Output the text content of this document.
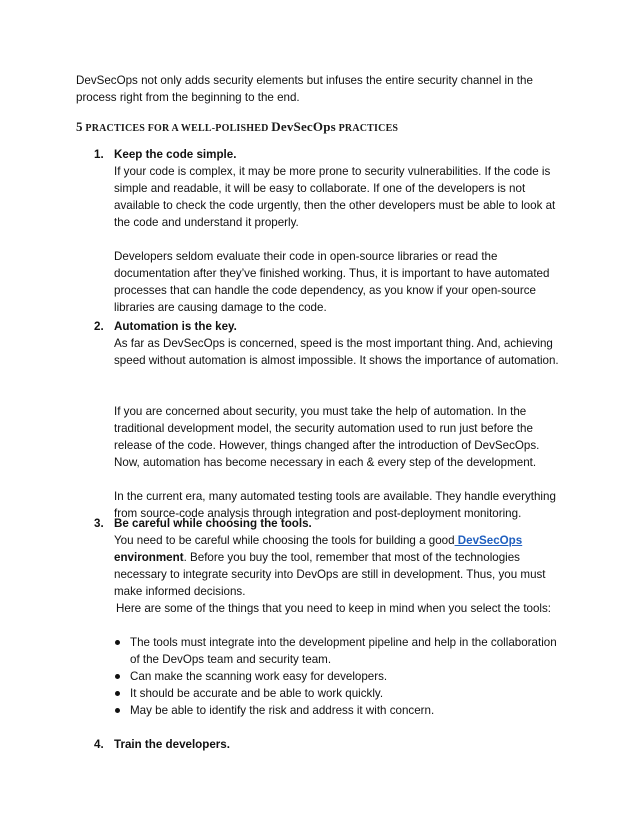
DevSecOps not only adds security elements but infuses the entire security channel in the process right from the beginning to the end.

5 PRACTICES FOR A WELL-POLISHED DevSecOps PRACTICES
1. Keep the code simple.

If your code is complex, it may be more prone to security vulnerabilities. If the code is simple and readable, it will be easy to collaborate. If one of the developers is not available to check the code urgently, then the other developers must be able to look at the code and understand it properly.

Developers seldom evaluate their code in open-source libraries or read the documentation after they’ve finished working. Thus, it is important to have automated processes that can handle the code dependency, as you know if your open-source libraries are causing damage to the code.

2. Automation is the key.

As far as DevSecOps is concerned, speed is the most important thing. And, achieving speed without automation is almost impossible. It shows the importance of automation.

If you are concerned about security, you must take the help of automation. In the traditional development model, the security automation used to run just before the release of the code. However, things changed after the introduction of DevSecOps. Now, automation has become necessary in each & every step of the development.

In the current era, many automated testing tools are available. They handle everything from source-code analysis through integration and post-deployment monitoring.

3. Be careful while choosing the tools.

You need to be careful while choosing the tools for building a good DevSecOps environment. Before you buy the tool, remember that most of the technologies necessary to integrate security into DevOps are still in development. Thus, you must make informed decisions.

Here are some of the things that you need to keep in mind when you select the tools:

The tools must integrate into the development pipeline and help in the collaboration of the DevOps team and security team.
Can make the scanning work easy for developers.
It should be accurate and be able to work quickly.
May be able to identify the risk and address it with concern.
4. Train the developers.
